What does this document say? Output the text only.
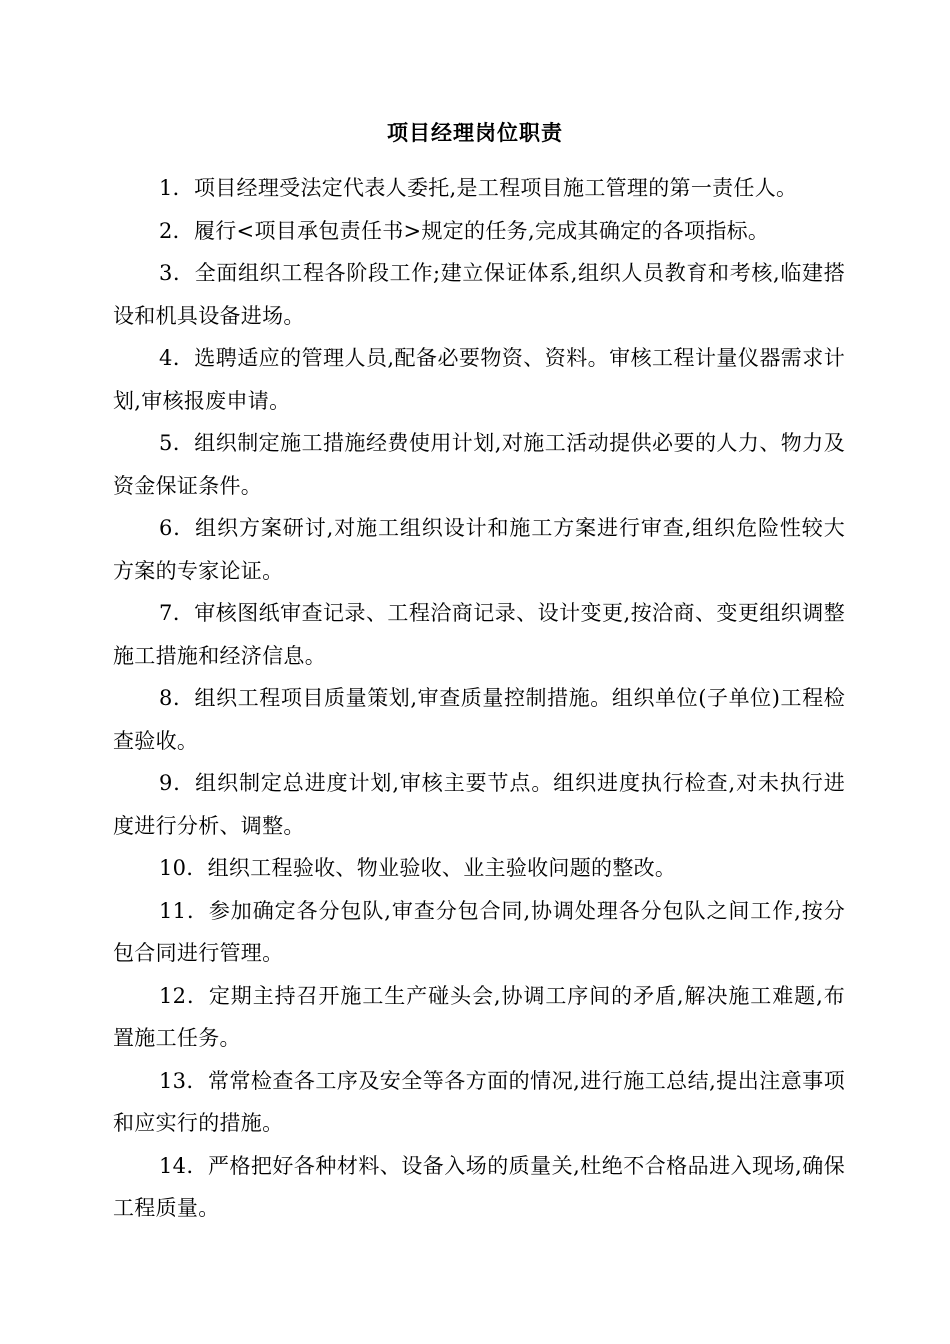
项目经理岗位职责

1．项目经理受法定代表人委托,是工程项目施工管理的第一责任人。

2．履行<项目承包责任书>规定的任务,完成其确定的各项指标。

3．全面组织工程各阶段工作;建立保证体系,组织人员教育和考核,临建搭设和机具设备进场。

4．选聘适应的管理人员,配备必要物资、资料。审核工程计量仪器需求计划,审核报废申请。

5．组织制定施工措施经费使用计划,对施工活动提供必要的人力、物力及资金保证条件。

6．组织方案研讨,对施工组织设计和施工方案进行审查,组织危险性较大方案的专家论证。

7．审核图纸审查记录、工程洽商记录、设计变更,按洽商、变更组织调整施工措施和经济信息。

8．组织工程项目质量策划,审查质量控制措施。组织单位(子单位)工程检查验收。

9．组织制定总进度计划,审核主要节点。组织进度执行检查,对未执行进度进行分析、调整。

10．组织工程验收、物业验收、业主验收问题的整改。

11．参加确定各分包队,审查分包合同,协调处理各分包队之间工作,按分包合同进行管理。

12．定期主持召开施工生产碰头会,协调工序间的矛盾,解决施工难题,布置施工任务。

13．常常检查各工序及安全等各方面的情况,进行施工总结,提出注意事项和应实行的措施。

14．严格把好各种材料、设备入场的质量关,杜绝不合格品进入现场,确保工程质量。
